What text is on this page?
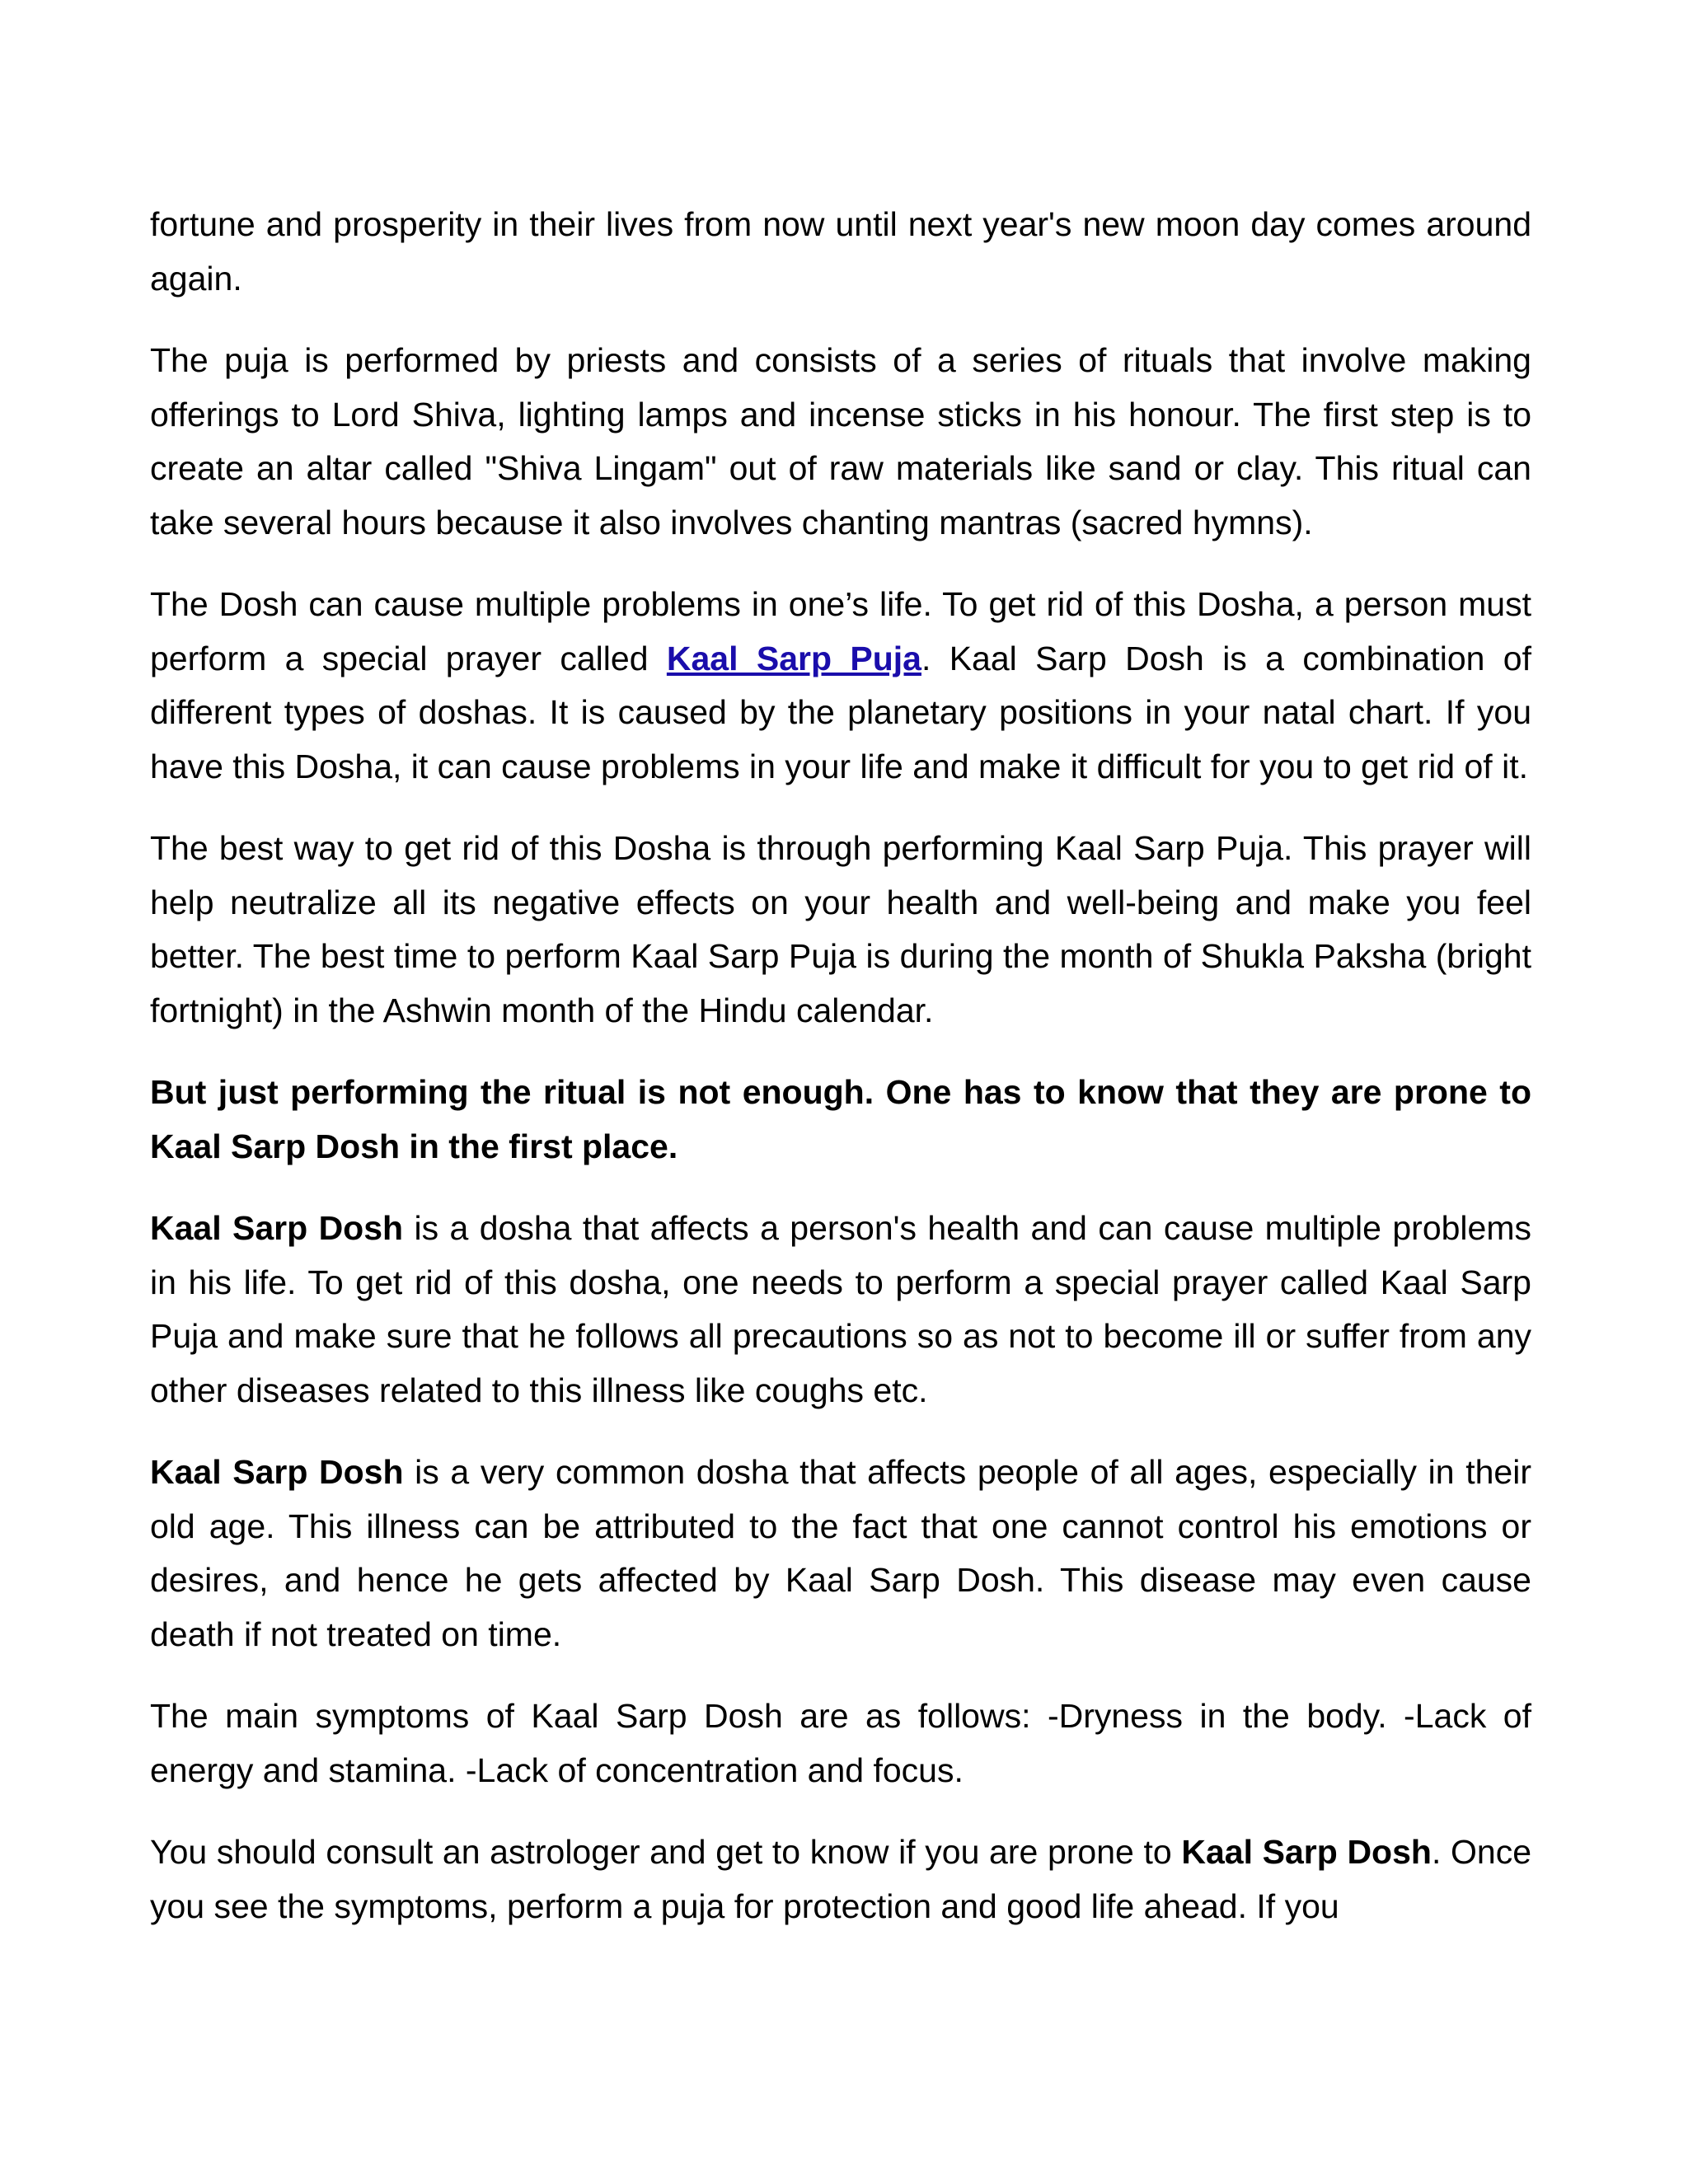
fortune and prosperity in their lives from now until next year's new moon day comes around again.

The puja is performed by priests and consists of a series of rituals that involve making offerings to Lord Shiva, lighting lamps and incense sticks in his honour. The first step is to create an altar called "Shiva Lingam" out of raw materials like sand or clay. This ritual can take several hours because it also involves chanting mantras (sacred hymns).

The Dosh can cause multiple problems in one’s life. To get rid of this Dosha, a person must perform a special prayer called Kaal Sarp Puja. Kaal Sarp Dosh is a combination of different types of doshas. It is caused by the planetary positions in your natal chart. If you have this Dosha, it can cause problems in your life and make it difficult for you to get rid of it.

The best way to get rid of this Dosha is through performing Kaal Sarp Puja. This prayer will help neutralize all its negative effects on your health and well-being and make you feel better. The best time to perform Kaal Sarp Puja is during the month of Shukla Paksha (bright fortnight) in the Ashwin month of the Hindu calendar.

But just performing the ritual is not enough. One has to know that they are prone to Kaal Sarp Dosh in the first place.

Kaal Sarp Dosh is a dosha that affects a person's health and can cause multiple problems in his life. To get rid of this dosha, one needs to perform a special prayer called Kaal Sarp Puja and make sure that he follows all precautions so as not to become ill or suffer from any other diseases related to this illness like coughs etc.

Kaal Sarp Dosh is a very common dosha that affects people of all ages, especially in their old age. This illness can be attributed to the fact that one cannot control his emotions or desires, and hence he gets affected by Kaal Sarp Dosh. This disease may even cause death if not treated on time.

The main symptoms of Kaal Sarp Dosh are as follows: -Dryness in the body. -Lack of energy and stamina. -Lack of concentration and focus.

You should consult an astrologer and get to know if you are prone to Kaal Sarp Dosh. Once you see the symptoms, perform a puja for protection and good life ahead. If you
